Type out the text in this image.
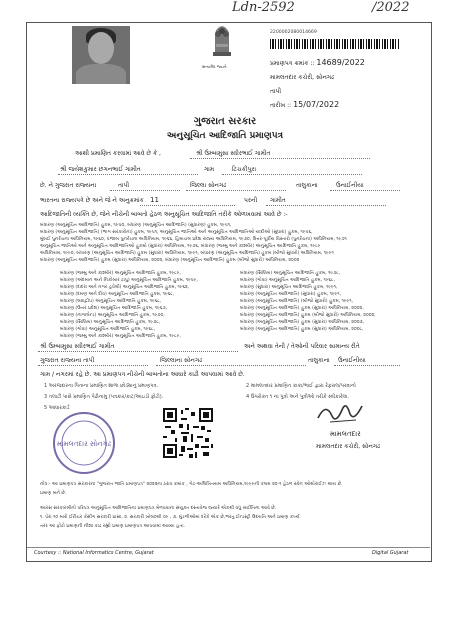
Ldn-2592	/2022
સત્યમેવ જયતે
2200002080014669
પ્રમાણપત્ર ક્રમાંક :: 14689/2022
મામલતદાર કચેરી, સોનગઢ
તાપી
તારીખ :: 15/07/2022
ગુજરાત સરકાર
અનુસૂચિત આદિજાતિ પ્રમાણપત્ર
આથી પ્રમાણિત કરવામાં આવે છે કે ,	શ્રી ઉમ્બામુસા સ્વીરભાઈ ગામીત
શ્રી જયેશકુમાર છગનભાઈ ગામીત	ગામ	ટિચકીપુરા
છે. ને ગુજરાત રાજ્યના	તાપી	જિલ્લા સોનગઢ	તાલુકાના	ઉનાઈનીયા
ભારતના રાજ્યપત્રે છે અને જે ને અનુક્રમાંક 11	પરની ગામીત
આદિજાતિની વ્યક્તિ છે, જેને નીચેની બાબતો હેઠળ અનુસૂચિત આદિજાતિ તરીકે ઓળખવામાં આવે છે :-
બંધારણ (અનુસૂચિત આદિજાતિ) હુકમ, ૧૯૫૦, બંધારણ (અનુસૂચિત આદિજાતિ) (સુધારણ) હુકમ, ૧૯૫૧,
બંધારણ (અનુસૂચિત આદિજાતિ) (ભાગ સરકારોના) હુકમ, ૧૯૫૧, અનુસૂચિત જાતિઓ અને અનુસૂચિત આદિજાતિઓ યાદીઓ (સુધારા) હુકમ, ૧૯૫૬,
મુંબઈ પુનર્રચના અધિનિયમ, ૧૯૬૦, પંજાબ પુનર્રચના અધિનિયમ, ૧૯૬૬, હિમાચલ પ્રદેશ રાજ્ય અધિનિયમ, ૧૯૭૦, ઉત્તર-પૂર્વીય વિસ્તારો (પુનર્રચના) અધિનિયમ, ૧૯૭૧
અનુસૂચિત જાતિઓ અને અનુસૂચિત આદિજાતિઓ હુકમો (સુધારા) અધિનિયમ, ૧૯૭૬, બંધારણ (જમ્મુ અને કાશ્મીર) અનુસૂચિત આદિજાતિ હુકમ, ૧૯૮૯
અધિનિયમ, ૧૯૯૦, બંધારણ (અનુસૂચિત આદિજાતિ) હુકમ (સુધારા) અધિનિયમ, ૧૯૯૧, બંધારણ (અનુસૂચિત આદિજાતિ) હુકમ (બીજો સુધારો) અધિનિયમ, ૧૯૯૧
બંધારણ (અનુસૂચિત આદિજાતિ) હુકમ (સુધારા) અધિનિયમ, ૨૦૦૨, બંધારણ (અનુસૂચિત આદિજાતિ) હુકમ (બીજો સુધારો) અધિનિયમ, ૨૦૦૨
બંધારણ (જમ્મુ અને કાશ્મીર) અનુસૂચિત આદિજાતિ હુકમ, ૧૯૮૯,
બંધારણ (અંદમાન અને નિકોબાર ટાપુ) અનુસૂચિત આદિજાતિ હુકમ, ૧૯૫૯,
બંધારણ (દાદરા અને નગર હવેલી) અનુસૂચિત આદિજાતિ હુકમ, ૧૯૬૨,
બંધારણ (દમણ અને દીવ) અનુસૂચિત આદિજાતિ હુકમ, ૧૯૬૮,
બંધારણ (લક્ષદ્વીપ) અનુસૂચિત આદિજાતિ હુકમ, ૧૯૬૮,
બંધારણ (ઉત્તર પ્રદેશ) અનુસૂચિત આદિજાતિ હુકમ, ૧૯૬૭,
બંધારણ (નાગાલેન્ડ) અનુસૂચિત આદિજાતિ હુકમ, ૧૯૭૦,
બંધારણ (સિક્કિમ) અનુસૂચિત આદિજાતિ હુકમ, ૧૯૭૮,
બંધારણ (ગોવા) અનુસૂચિત આદિજાતિ હુકમ, ૧૯૬૮,
બંધારણ (જમ્મુ અને કાશ્મીર) અનુસૂચિત આદિજાતિ હુકમ, ૧૯૮૯,
બંધારણ (સિક્કિમ) અનુસૂચિત આદિજાતિ હુકમ, ૧૯૭૮,
બંધારણ (ગોવા) અનુસૂચિત આદિજાતિ હુકમ, ૧૯૬૮,
બંધારણ (સુધારા) અનુસૂચિત આદિજાતિ હુકમ, ૧૯૯૧,
બંધારણ (અનુસૂચિત આદિજાતિ) (સુધારા) હુકમ, ૧૯૯૧,
બંધારણ (અનુસૂચિત આદિજાતિ) (બીજો સુધારો) હુકમ, ૧૯૯૧,
બંધારણ (અનુસૂચિત આદિજાતિ) હુકમ (સુધારા) અધિનિયમ, ૨૦૦૨,
બંધારણ (અનુસૂચિત આદિજાતિ) હુકમ (બીજો સુધારો) અધિનિયમ, ૨૦૦૨,
બંધારણ (અનુસૂચિત આદિજાતિ) હુકમ (સુધારા) અધિનિયમ, ૨૦૦૩,
બંધારણ (અનુસૂચિત આદિજાતિ) હુકમ (સુધારા) અધિનિયમ, ૨૦૦૮,
શ્રી ઉમ્બામુસા સ્વીરભાઈ ગામીત	અને અથવા તેની / તેઓની પરિવાર સામાન્ય રીતે
ગુજરાત રાજ્યના તાપી	જિલ્લાના સોનગઢ	તાલુકાના ઉનાઈનીયા
ગામ / નગરમાં રહે છે. આ પ્રમાણપત્ર નીચેની બાબતોના આધારે કાઢી આપવામાં આવે છે.
1 અરજદારના પિતાના પ્રમાણિત શાળા છોડ્યાનું પ્રમાણપત્ર.	2 મામલતદાર પ્રમાણિત કાકા/ભાઈ દ્વારા રેફરાલ/પરવાનો
3 તલાટી પાસે પ્રમાણિત પેઢીનામુ (પત્રકાર/કાટ/આઇડી ફોટો).	4 ઉપરોક્ત ૧ ના પુત્રો અને પુત્રીઓ તરીકે સ્વીકારેલા.
5 આધારકાર્ડ
મામલતદાર સોનગઢ
મામલતદાર
મામલતદાર કચેરી, સોનગઢ
નોંધ:- આ પ્રમાણપત્ર સરકારના "ગુજરાત જાતિ પ્રમાણપત્ર" ૨૦૨૨ના ઠરાવ ક્રમાંક , ગેટ-અલિખિતયમ અધિનિયમ,૧૯૯૯ની કલમ ૨૦-૧ હેઠળ સ્કેન ઓથોરાઈઝ થાય છે.
પ્રમાણ બને છે.
આરસ સરકારશ્રીનો પરિપત્ર અનુસૂચિત આદિજાતિના પ્રમાણપત્ર મેળવવાના સંયુક્ત દસ્તાવેજ જ્યારે એકથી વધુ વ્યક્તિના આવે છે.
૧. પેરા ૧૦ મારો ઈરીચર કેસીંગ સરકારી પ્રાસા, ૨. સરકારી ખોલ૦થી ૦૯ , ૩. મુંડળીઓમાં દરેકે એક છે,ભરતુ ઈન્ડસ્ટ્રી ઉદયતિ અને પ્રમાણ કર્ખ્ય
તરર આ ફોટો પ્રમાણની નીશા કાઢ રહ્યો પ્રમાણ પ્રમાણપત્ર આપવામાં આવ્યા હતા.
Courtesy :: National Informatics Centre, Gujarat	Digital Gujarat
